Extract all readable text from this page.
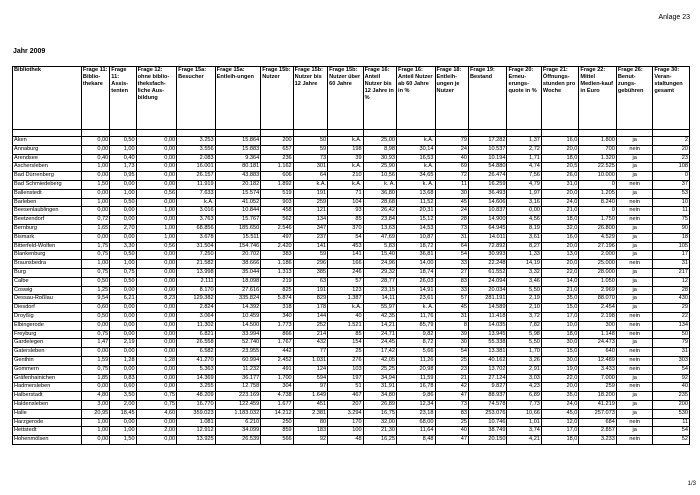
Anlage 23
Jahr 2009
Bibliothek	Frage 11: Biblio-thekare	Frage 11: Assis-tenten	Frage 12: ohne biblio-theksfach-liche Aus-bildung	Frage 15a: Besucher	Frage 15a: Entleih-ungen	Frage 15b: Nutzer	Frage 15b: Nutzer bis 12 Jahre	Frage 15b: Nutzer über 60 Jahre	Frage 16: Anteil Nutzer bis 12 Jahre in %	Frage 16: Anteil Nutzer ab 60 Jahre in %	Frage 18: Entleih-ungen je Nutzer	Frage 19: Bestand	Frage 20: Erneu-erungs-quote in %	Frage 21: Öffnungs-stunden pro Woche	Frage 22: Mittel Medien-kauf in Euro	Frage 26: Benut-zungs-gebühren	Frage 30: Veran-staltungen gesamt

Aken	0,00	0,50	0,00	3.253	15.864	200	50	k.A.	25,00	k.A.	79	17.282	1,37	16,0	1.800	ja	2
Annaburg	0,00	1,00	0,00	3.556	15.883	657	59	198	8,98	30,14	24	10.537	2,72	20,0	700	nein	20
Arendsee	0,40	0,40	0,00	2.083	9.364	236	73	39	30,93	16,53	40	10.194	1,71	18,0	1.320	ja	23
Aschersleben	1,00	1,73	0,00	16.001	80.181	1.162	301	k.A.	25,90	k.A.	69	54.880	4,74	20,5	22.525	ja	108
Bad Dürrenberg	0,00	0,95	0,00	26.157	43.883	606	64	210	10,56	34,65	72	26.474	7,56	26,0	10.000	ja	0
Bad Schmiedeberg	1,50	0,00	0,00	11.919	20.182	1.892	k.A.	k.A.	k. A.	k. A.	11	16.259	4,79	31,0	0	nein	37
Ballenstedt	0,00	1,00	0,56	7.633	15.574	519	191	71	36,80	13,68	30	36.493	1,97	20,0	1.205	ja	53
Barleben	1,00	0,50	0,00	k.A.	41.052	903	259	104	28,68	11,52	45	14.606	3,16	24,0	8.240	nein	10
Beesenlaublingen	0,00	0,00	1,00	3.016	10.844	458	121	93	26,42	20,31	24	10.837	0,00	21,0	0	nein	11
Beetzendorf	0,72	0,00	0,00	3.763	15.767	562	134	85	23,84	15,12	28	14.900	4,56	18,0	1.750	nein	75
Bernburg	1,65	2,70	1,00	68.856	185.650	2.546	347	370	13,63	14,53	73	64.945	8,19	32,0	26.800	ja	90
Bismark	0,00	0,00	1,00	3.678	15.511	497	237	54	47,69	10,87	31	14.011	3,61	16,0	4.529	ja	18
Bitterfeld-Wolfen	1,75	3,30	0,56	31.504	154.746	2.420	141	453	5,83	18,72	64	72.892	8,27	20,0	27.196	ja	105
Blankenburg	0,75	0,50	0,00	7.250	20.702	383	59	141	15,40	36,81	54	30.993	1,33	13,0	2.000	ja	17
Braunsbedra	1,00	1,00	0,00	21.582	38.666	1.186	296	166	24,96	14,00	33	22.248	14,19	20,0	25.000	nein	31
Burg	0,75	0,75	0,00	13.998	35.044	1.313	385	246	29,32	18,74	27	61.552	3,32	22,0	28.000	ja	217
Calbe	0,50	0,50	0,00	2.111	18.098	219	63	57	28,77	26,03	83	24.094	3,46	14,0	1.050	ja	12
Coswig	1,25	0,00	0,00	8.170	27.616	825	191	123	23,15	14,91	33	20.034	5,50	21,0	2.969	ja	28
Dessau-Roßlau	9,54	6,21	8,23	129.382	335.824	5.874	829	1.387	14,11	23,61	57	281.191	2,19	35,0	88.070	ja	430
Diesdorf	0,60	0,00	0,00	2.824	14.392	318	178	k.A.	55,97	k. A.	45	14.589	2,10	15,0	2.454	ja	29
Droyßig	0,50	0,00	0,00	3.064	10.459	340	144	40	42,35	11,76	31	11.418	3,72	17,0	2.198	nein	22
Elbingerode	0,00	0,00	0,00	11.302	14.500	1.773	252	1.521	14,21	85,79	8	14.035	7,82	10,0	300	nein	134
Freyburg	0,75	0,00	0,00	6.821	33.994	866	214	85	24,71	9,82	39	13.945	5,98	18,0	1.148	nein	50
Gardelegen	1,47	2,19	0,00	26.558	52.740	1.767	432	154	24,45	8,72	30	55.338	5,50	30,0	24.473	ja	79
Gatersleben	0,00	0,00	0,00	6.582	23.955	442	77	25	17,42	5,66	54	13.381	1,70	15,0	640	nein	31
Genthin	1,59	1,28	1,28	41.270	60.994	2.452	1.031	276	42,05	11,26	25	40.162	3,26	30,0	12.489	nein	303
Gommern	0,75	0,00	0,00	5.363	11.232	491	124	103	25,25	20,98	23	13.702	2,91	19,0	3.433	nein	54
Gräfenhainichen	1,85	0,83	0,00	14.369	36.177	1.700	594	197	34,94	11,59	21	27.124	3,03	22,0	7.000	ja	92
Hadmersleben	0,00	0,60	0,00	3.255	12.758	304	97	51	31,91	16,78	42	9.827	4,23	20,0	259	nein	40
Halberstadt	4,80	3,50	0,75	48.209	223.169	4.738	1.649	467	34,80	9,86	47	88.937	6,89	35,0	18.200	ja	235
Haldensleben	3,00	2,00	0,75	16.770	122.459	1.677	451	207	26,89	12,34	73	74.578	7,73	24,0	41.219	ja	200
Halle	20,95	18,45	4,60	359.023	1.183.032	14.212	2.381	3.294	16,75	23,18	83	253.076	10,66	45,0	257.073	ja	530
Harzgerode	1,00	0,00	0,00	1.081	6.210	250	80	170	32,00	68,00	25	10.746	1,01	12,0	684	nein	11
Hettstedt	1,00	1,00	2,00	12.912	34.099	859	183	100	21,30	11,64	40	38.749	3,74	17,0	2.857	ja	54
Hohenmölsen	0,00	1,50	0,00	13.925	26.539	566	92	48	16,25	8,48	47	20.150	4,21	18,0	3.233	nein	52
1/3
